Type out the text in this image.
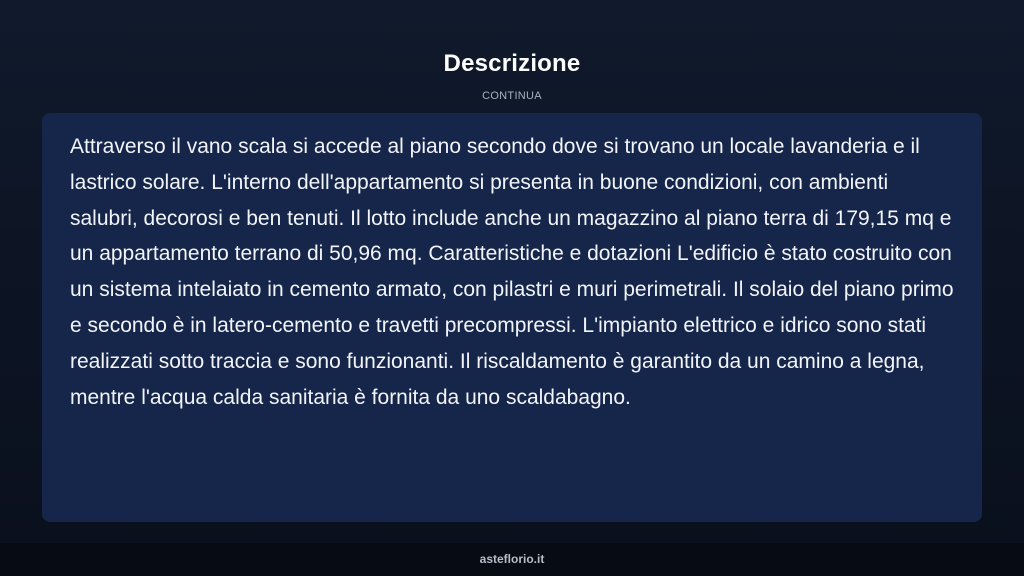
Descrizione
CONTINUA

Attraverso il vano scala si accede al piano secondo dove si trovano un locale lavanderia e il lastrico solare. L'interno dell'appartamento si presenta in buone condizioni, con ambienti salubri, decorosi e ben tenuti. Il lotto include anche un magazzino al piano terra di 179,15 mq e un appartamento terrano di 50,96 mq. Caratteristiche e dotazioni L'edificio è stato costruito con un sistema intelaiato in cemento armato, con pilastri e muri perimetrali. Il solaio del piano primo e secondo è in latero-cemento e travetti precompressi. L'impianto elettrico e idrico sono stati realizzati sotto traccia e sono funzionanti. Il riscaldamento è garantito da un camino a legna, mentre l'acqua calda sanitaria è fornita da uno scaldabagno.

asteflorio.it
